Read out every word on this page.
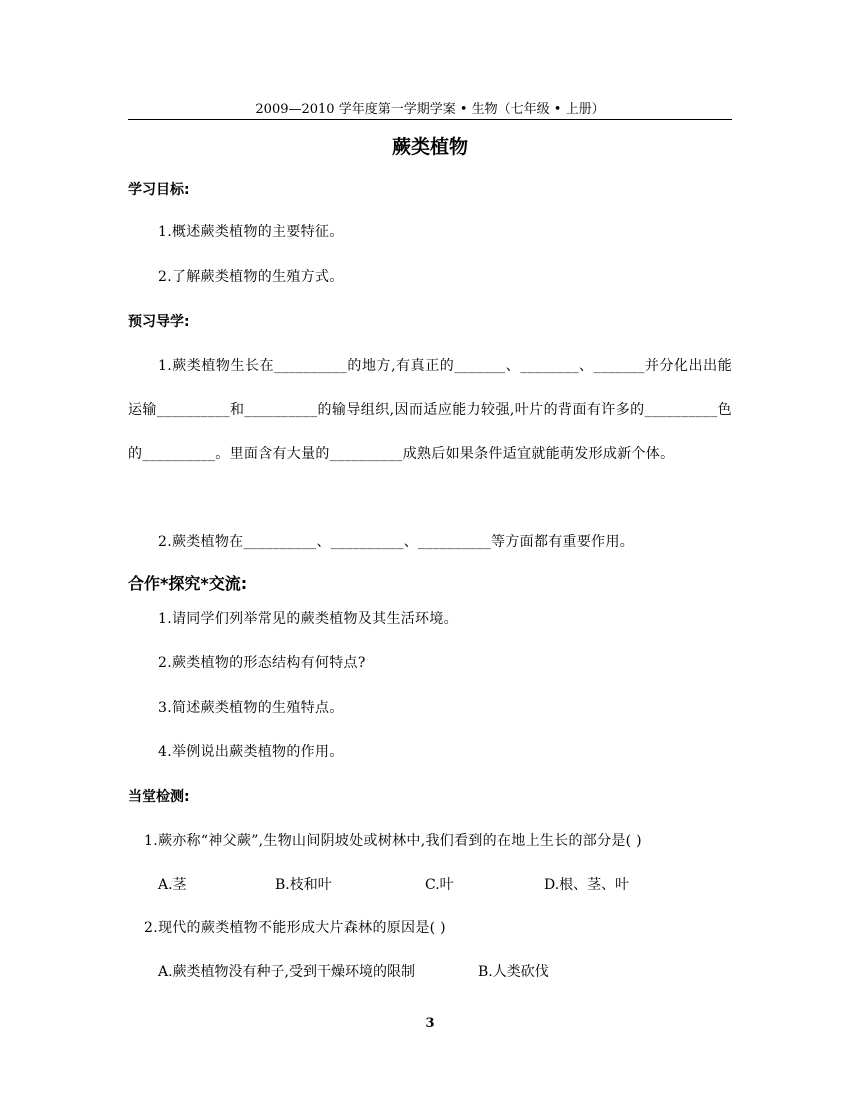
2009—2010 学年度第一学期学案 • 生物（七年级 • 上册）
蕨类植物
学习目标:
1.概述蕨类植物的主要特征。
2.了解蕨类植物的生殖方式。
预习导学:
1.蕨类植物生长在__________的地方,有真正的_______、________、_______并分化出出能运输__________和__________的输导组织,因而适应能力较强,叶片的背面有许多的__________色的__________。里面含有大量的__________成熟后如果条件适宜就能萌发形成新个体。
2.蕨类植物在__________、__________、__________等方面都有重要作用。
合作*探究*交流:
1.请同学们列举常见的蕨类植物及其生活环境。
2.蕨类植物的形态结构有何特点?
3.简述蕨类植物的生殖特点。
4.举例说出蕨类植物的作用。
当堂检测:
1.蕨亦称“神父蕨”,生物山间阴坡处或树林中,我们看到的在地上生长的部分是( )
A.茎	B.枝和叶	C.叶	D.根、茎、叶
2.现代的蕨类植物不能形成大片森林的原因是( )
A.蕨类植物没有种子,受到干燥环境的限制	B.人类砍伐
3
